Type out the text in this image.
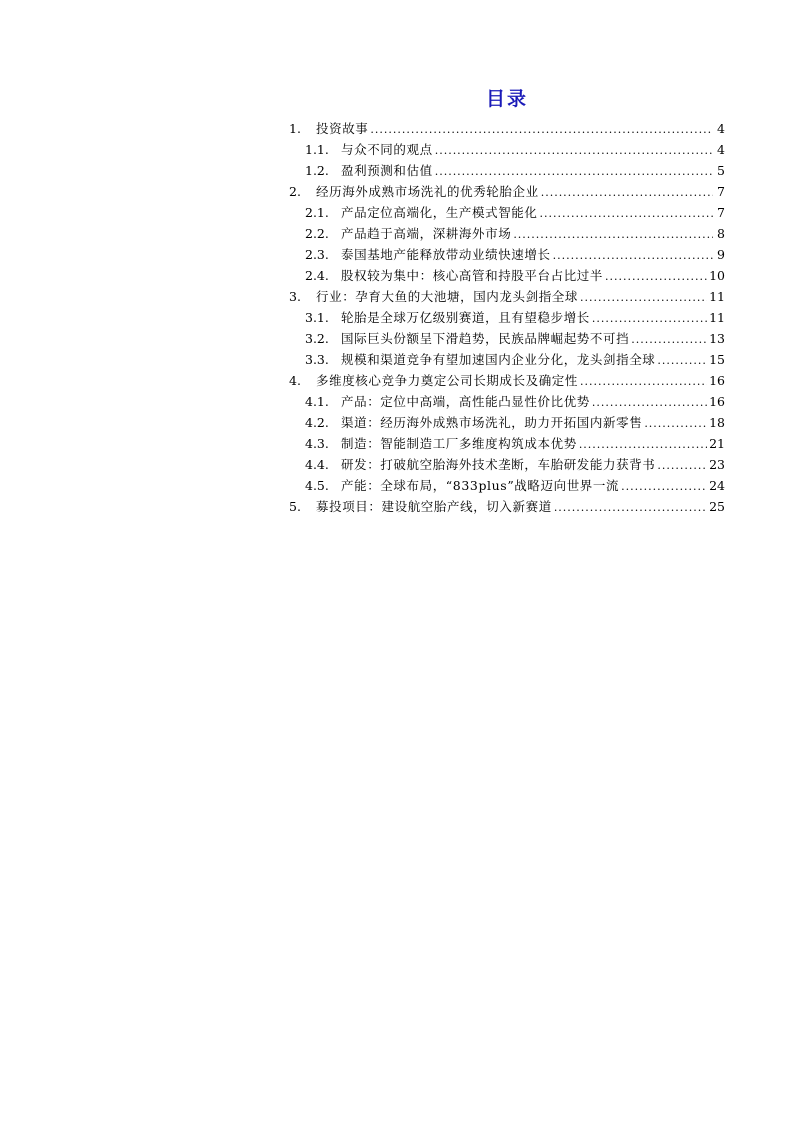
目录
1.	投资故事 .....	4
1.1. 与众不同的观点 .....	4
1.2. 盈利预测和估值 .....	5
2.	经历海外成熟市场洗礼的优秀轮胎企业 .....	7
2.1. 产品定位高端化，生产模式智能化 .....	7
2.2. 产品趋于高端，深耕海外市场 .....	8
2.3. 泰国基地产能释放带动业绩快速增长 .....	9
2.4. 股权较为集中：核心高管和持股平台占比过半 .....	10
3.	行业：孕育大鱼的大池塘，国内龙头剑指全球 .....	11
3.1. 轮胎是全球万亿级别赛道，且有望稳步增长 .....	11
3.2. 国际巨头份额呈下滑趋势，民族品牌崛起势不可挡 .....	13
3.3. 规模和渠道竞争有望加速国内企业分化，龙头剑指全球 .....	15
4.	多维度核心竞争力奠定公司长期成长及确定性 .....	16
4.1. 产品：定位中高端，高性能凸显性价比优势 .....	16
4.2. 渠道：经历海外成熟市场洗礼，助力开拓国内新零售 .....	18
4.3. 制造：智能制造工厂多维度构筑成本优势 .....	21
4.4. 研发：打破航空胎海外技术垄断，车胎研发能力获背书 .....	23
4.5. 产能：全球布局，“833plus”战略迈向世界一流 .....	24
5.	募投项目：建设航空胎产线，切入新赛道 .....	25
